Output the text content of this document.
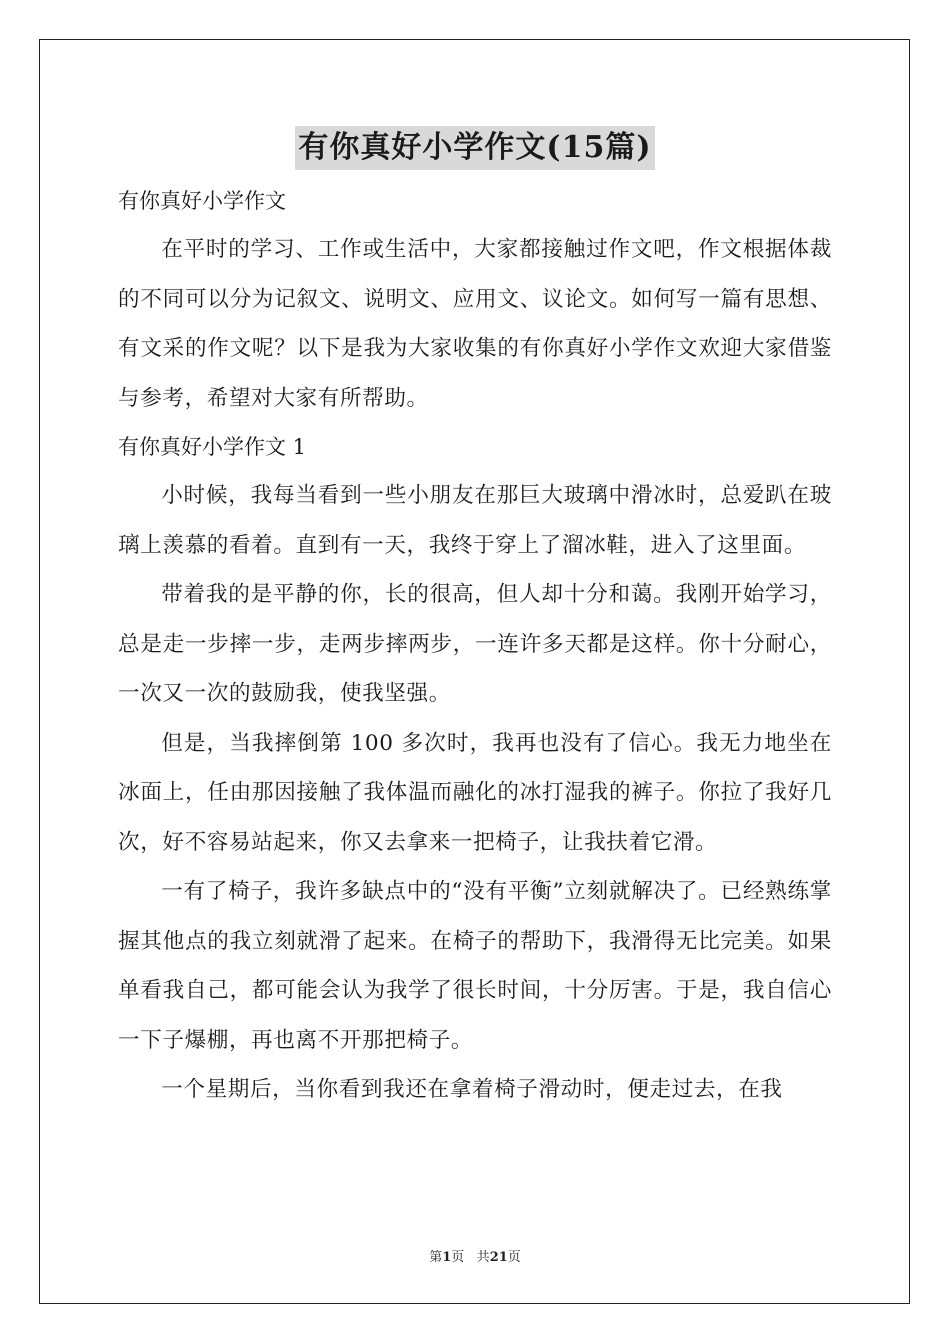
有你真好小学作文(15篇)

有你真好小学作文

在平时的学习、工作或生活中，大家都接触过作文吧，作文根据体裁的不同可以分为记叙文、说明文、应用文、议论文。如何写一篇有思想、有文采的作文呢？以下是我为大家收集的有你真好小学作文欢迎大家借鉴与参考，希望对大家有所帮助。

有你真好小学作文 1

小时候，我每当看到一些小朋友在那巨大玻璃中滑冰时，总爱趴在玻璃上羡慕的看着。直到有一天，我终于穿上了溜冰鞋，进入了这里面。

带着我的是平静的你，长的很高，但人却十分和蔼。我刚开始学习，总是走一步摔一步，走两步摔两步，一连许多天都是这样。你十分耐心，一次又一次的鼓励我，使我坚强。

但是，当我摔倒第 100 多次时，我再也没有了信心。我无力地坐在冰面上，任由那因接触了我体温而融化的冰打湿我的裤子。你拉了我好几次，好不容易站起来，你又去拿来一把椅子，让我扶着它滑。

一有了椅子，我许多缺点中的“没有平衡”立刻就解决了。已经熟练掌握其他点的我立刻就滑了起来。在椅子的帮助下，我滑得无比完美。如果单看我自己，都可能会认为我学了很长时间，十分厉害。于是，我自信心一下子爆棚，再也离不开那把椅子。

一个星期后，当你看到我还在拿着椅子滑动时，便走过去，在我

第1页 共21页
